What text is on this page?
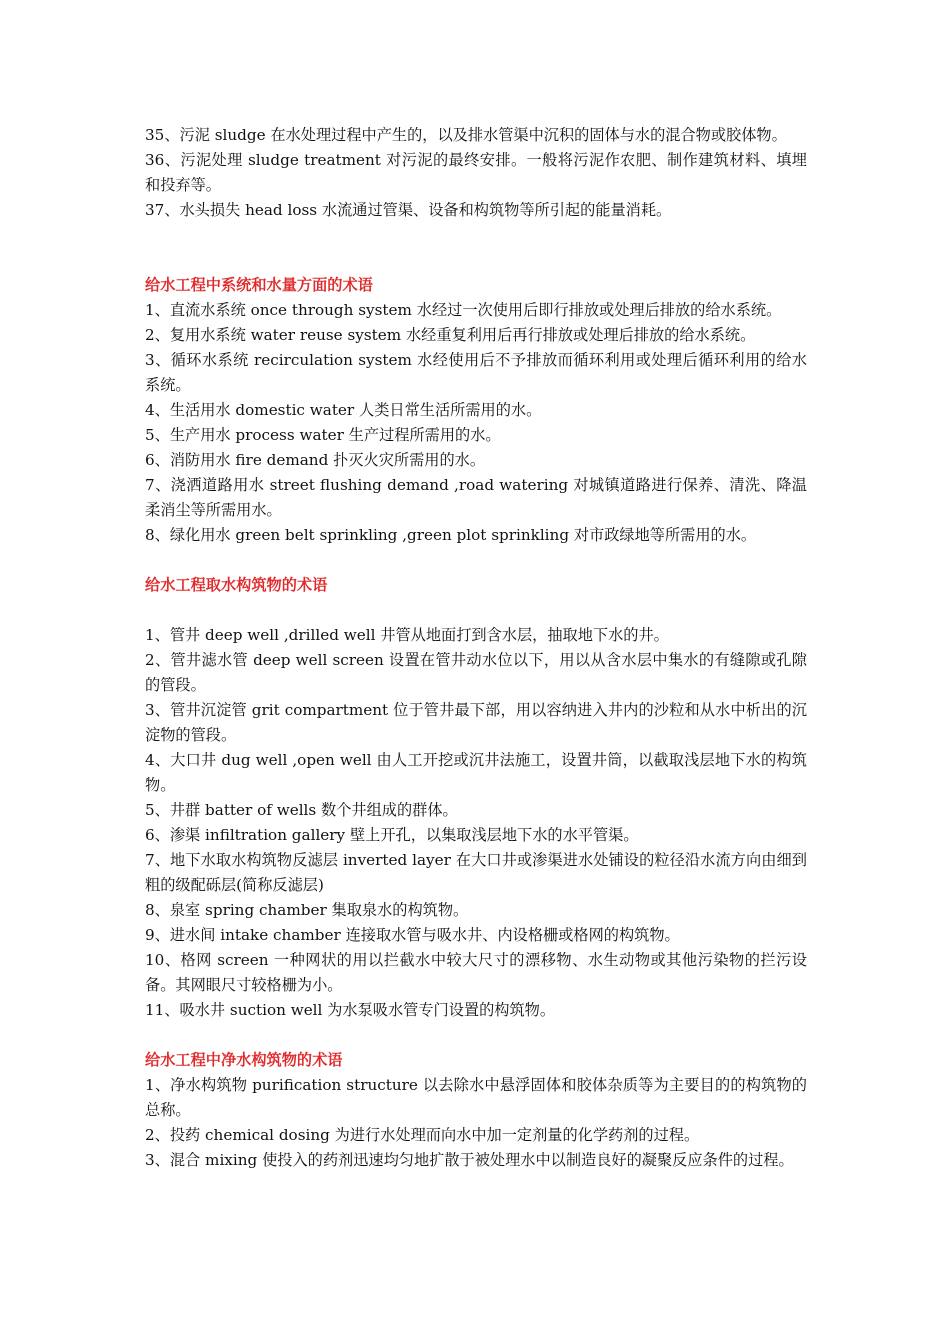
35、污泥 sludge 在水处理过程中产生的，以及排水管渠中沉积的固体与水的混合物或胶体物。

36、污泥处理 sludge treatment 对污泥的最终安排。一般将污泥作农肥、制作建筑材料、填埋和投弃等。

37、水头损失 head loss 水流通过管渠、设备和构筑物等所引起的能量消耗。

给水工程中系统和水量方面的术语

1、直流水系统 once through system 水经过一次使用后即行排放或处理后排放的给水系统。

2、复用水系统 water reuse system 水经重复利用后再行排放或处理后排放的给水系统。

3、循环水系统 recirculation system 水经使用后不予排放而循环利用或处理后循环利用的给水系统。

4、生活用水 domestic water 人类日常生活所需用的水。

5、生产用水 process water 生产过程所需用的水。

6、消防用水 fire demand 扑灭火灾所需用的水。

7、浇洒道路用水 street flushing demand ,road watering 对城镇道路进行保养、清洗、降温柔消尘等所需用水。

8、绿化用水 green belt sprinkling ,green plot sprinkling 对市政绿地等所需用的水。

给水工程取水构筑物的术语

1、管井 deep well ,drilled well 井管从地面打到含水层，抽取地下水的井。

2、管井滤水管 deep well screen 设置在管井动水位以下，用以从含水层中集水的有缝隙或孔隙的管段。

3、管井沉淀管 grit compartment 位于管井最下部，用以容纳进入井内的沙粒和从水中析出的沉淀物的管段。

4、大口井 dug well ,open well 由人工开挖或沉井法施工，设置井筒，以截取浅层地下水的构筑物。

5、井群 batter of wells 数个井组成的群体。

6、渗渠 infiltration gallery 壁上开孔，以集取浅层地下水的水平管渠。

7、地下水取水构筑物反滤层 inverted layer 在大口井或渗渠进水处铺设的粒径沿水流方向由细到粗的级配砾层(简称反滤层)

8、泉室 spring chamber 集取泉水的构筑物。

9、进水间 intake chamber 连接取水管与吸水井、内设格栅或格网的构筑物。

10、格网 screen 一种网状的用以拦截水中较大尺寸的漂移物、水生动物或其他污染物的拦污设备。其网眼尺寸较格栅为小。

11、吸水井 suction well 为水泵吸水管专门设置的构筑物。

给水工程中净水构筑物的术语

1、净水构筑物 purification structure 以去除水中悬浮固体和胶体杂质等为主要目的的构筑物的总称。

2、投药 chemical dosing 为进行水处理而向水中加一定剂量的化学药剂的过程。

3、混合 mixing 使投入的药剂迅速均匀地扩散于被处理水中以制造良好的凝聚反应条件的过程。
